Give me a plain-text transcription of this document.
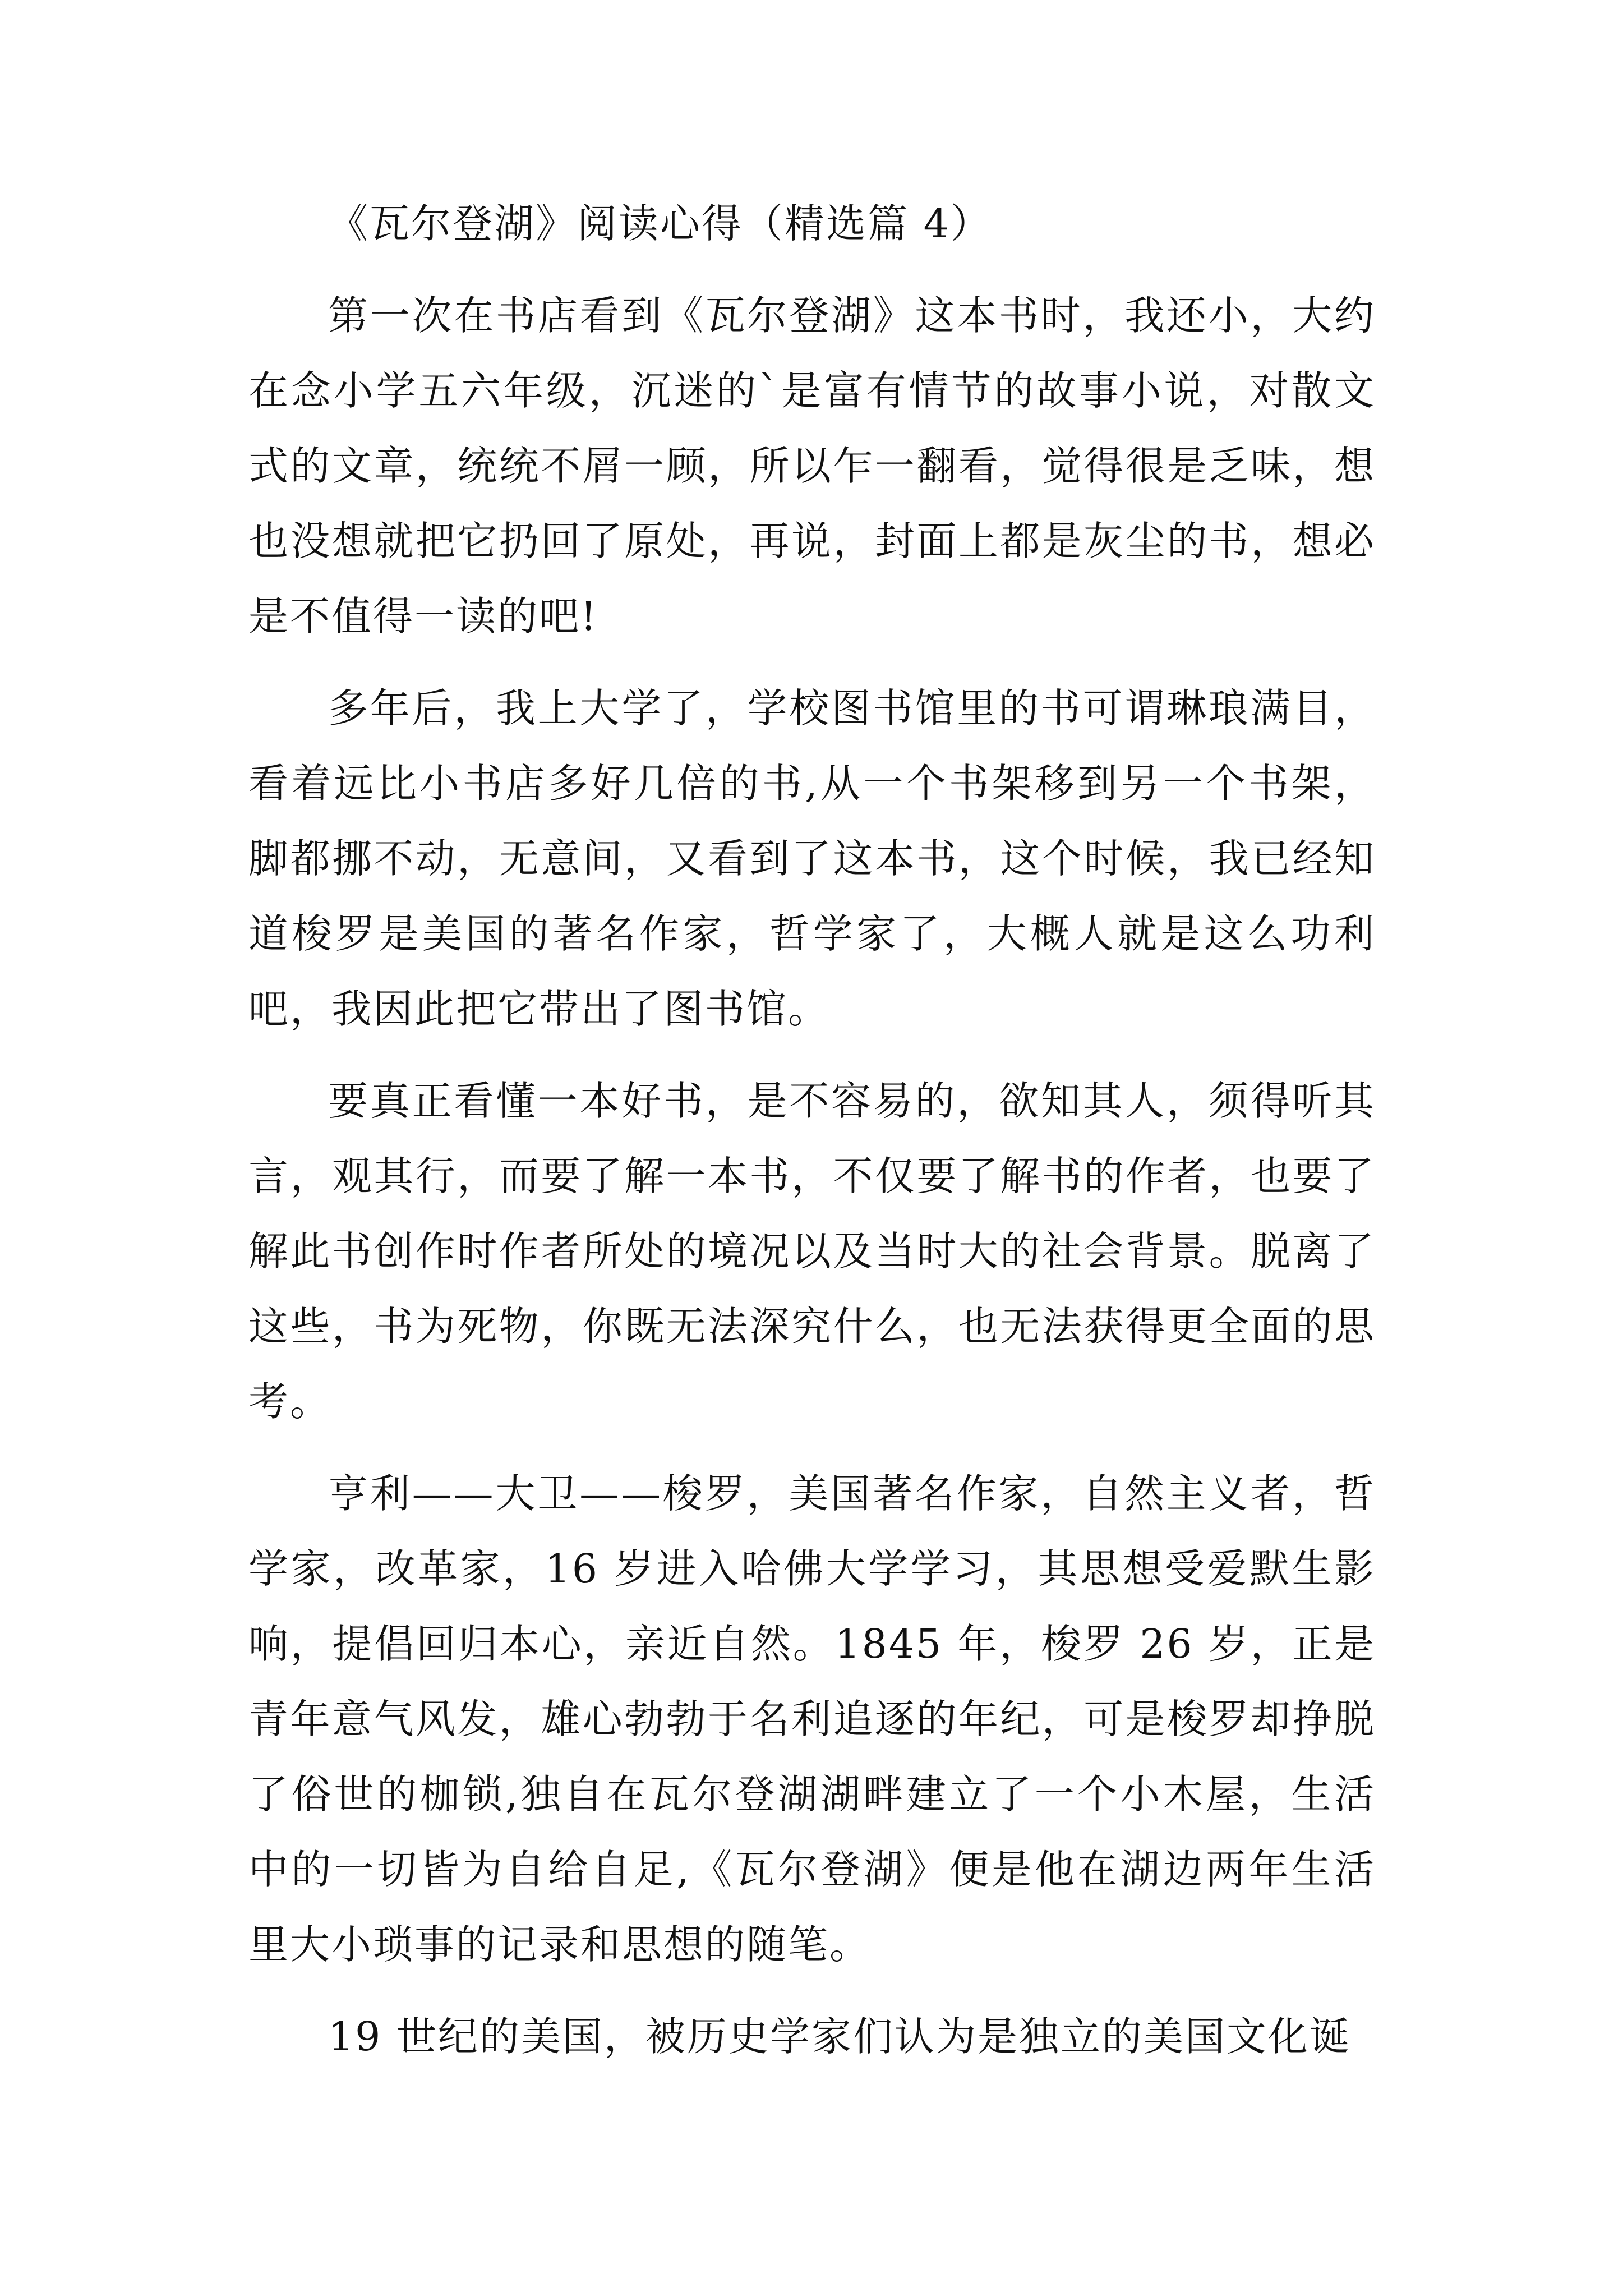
《瓦尔登湖》阅读心得（精选篇 4）

第一次在书店看到《瓦尔登湖》这本书时，我还小，大约在念小学五六年级，沉迷的`是富有情节的故事小说，对散文式的文章，统统不屑一顾，所以乍一翻看，觉得很是乏味，想也没想就把它扔回了原处，再说，封面上都是灰尘的书，想必是不值得一读的吧!

多年后，我上大学了，学校图书馆里的书可谓琳琅满目，看着远比小书店多好几倍的书,从一个书架移到另一个书架，脚都挪不动，无意间，又看到了这本书，这个时候，我已经知道梭罗是美国的著名作家，哲学家了，大概人就是这么功利吧，我因此把它带出了图书馆。

要真正看懂一本好书，是不容易的，欲知其人，须得听其言，观其行，而要了解一本书，不仅要了解书的作者，也要了解此书创作时作者所处的境况以及当时大的社会背景。脱离了这些，书为死物，你既无法深究什么，也无法获得更全面的思考。

亨利——大卫——梭罗，美国著名作家，自然主义者，哲学家，改革家，16 岁进入哈佛大学学习，其思想受爱默生影响，提倡回归本心，亲近自然。1845 年，梭罗 26 岁，正是青年意气风发，雄心勃勃于名利追逐的年纪，可是梭罗却挣脱了俗世的枷锁,独自在瓦尔登湖湖畔建立了一个小木屋，生活中的一切皆为自给自足,《瓦尔登湖》便是他在湖边两年生活里大小琐事的记录和思想的随笔。

19 世纪的美国，被历史学家们认为是独立的美国文化诞
